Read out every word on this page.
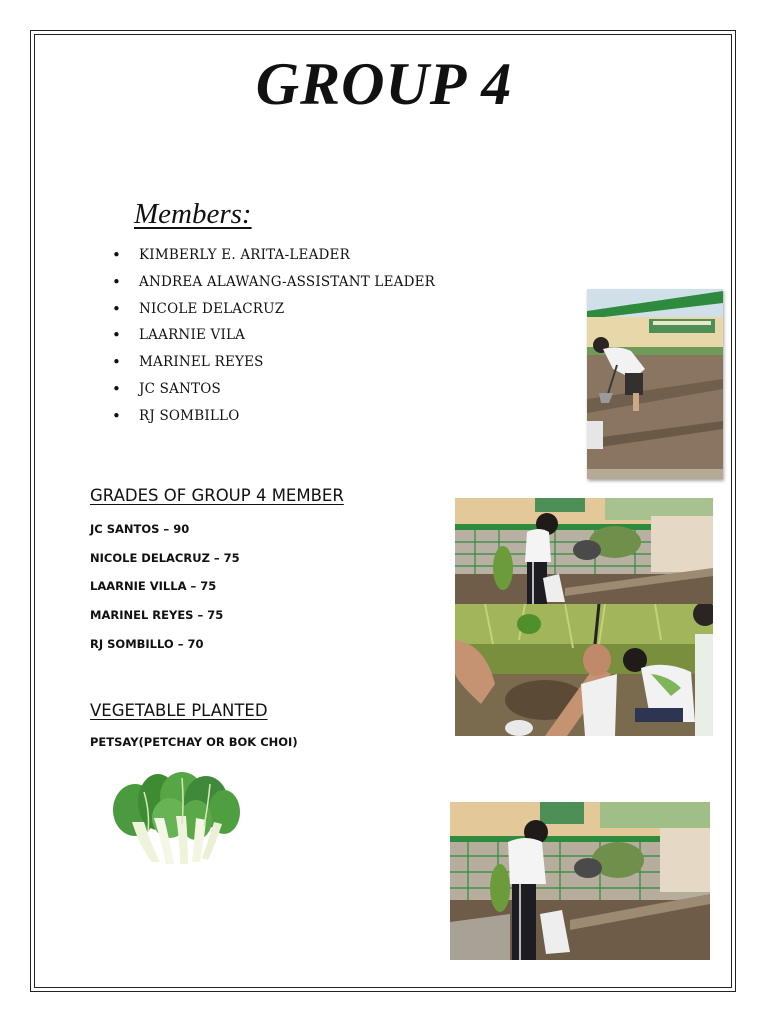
GROUP 4
Members:
• KIMBERLY E. ARITA-LEADER
• ANDREA ALAWANG-ASSISTANT LEADER
• NICOLE DELACRUZ
• LAARNIE VILA
• MARINEL REYES
• JC SANTOS
• RJ SOMBILLO
GRADES OF GROUP 4 MEMBER
JC SANTOS – 90
NICOLE DELACRUZ – 75
LAARNIE VILLA – 75
MARINEL REYES – 75
RJ SOMBILLO – 70
VEGETABLE PLANTED

PETSAY(PETCHAY OR BOK CHOI)
